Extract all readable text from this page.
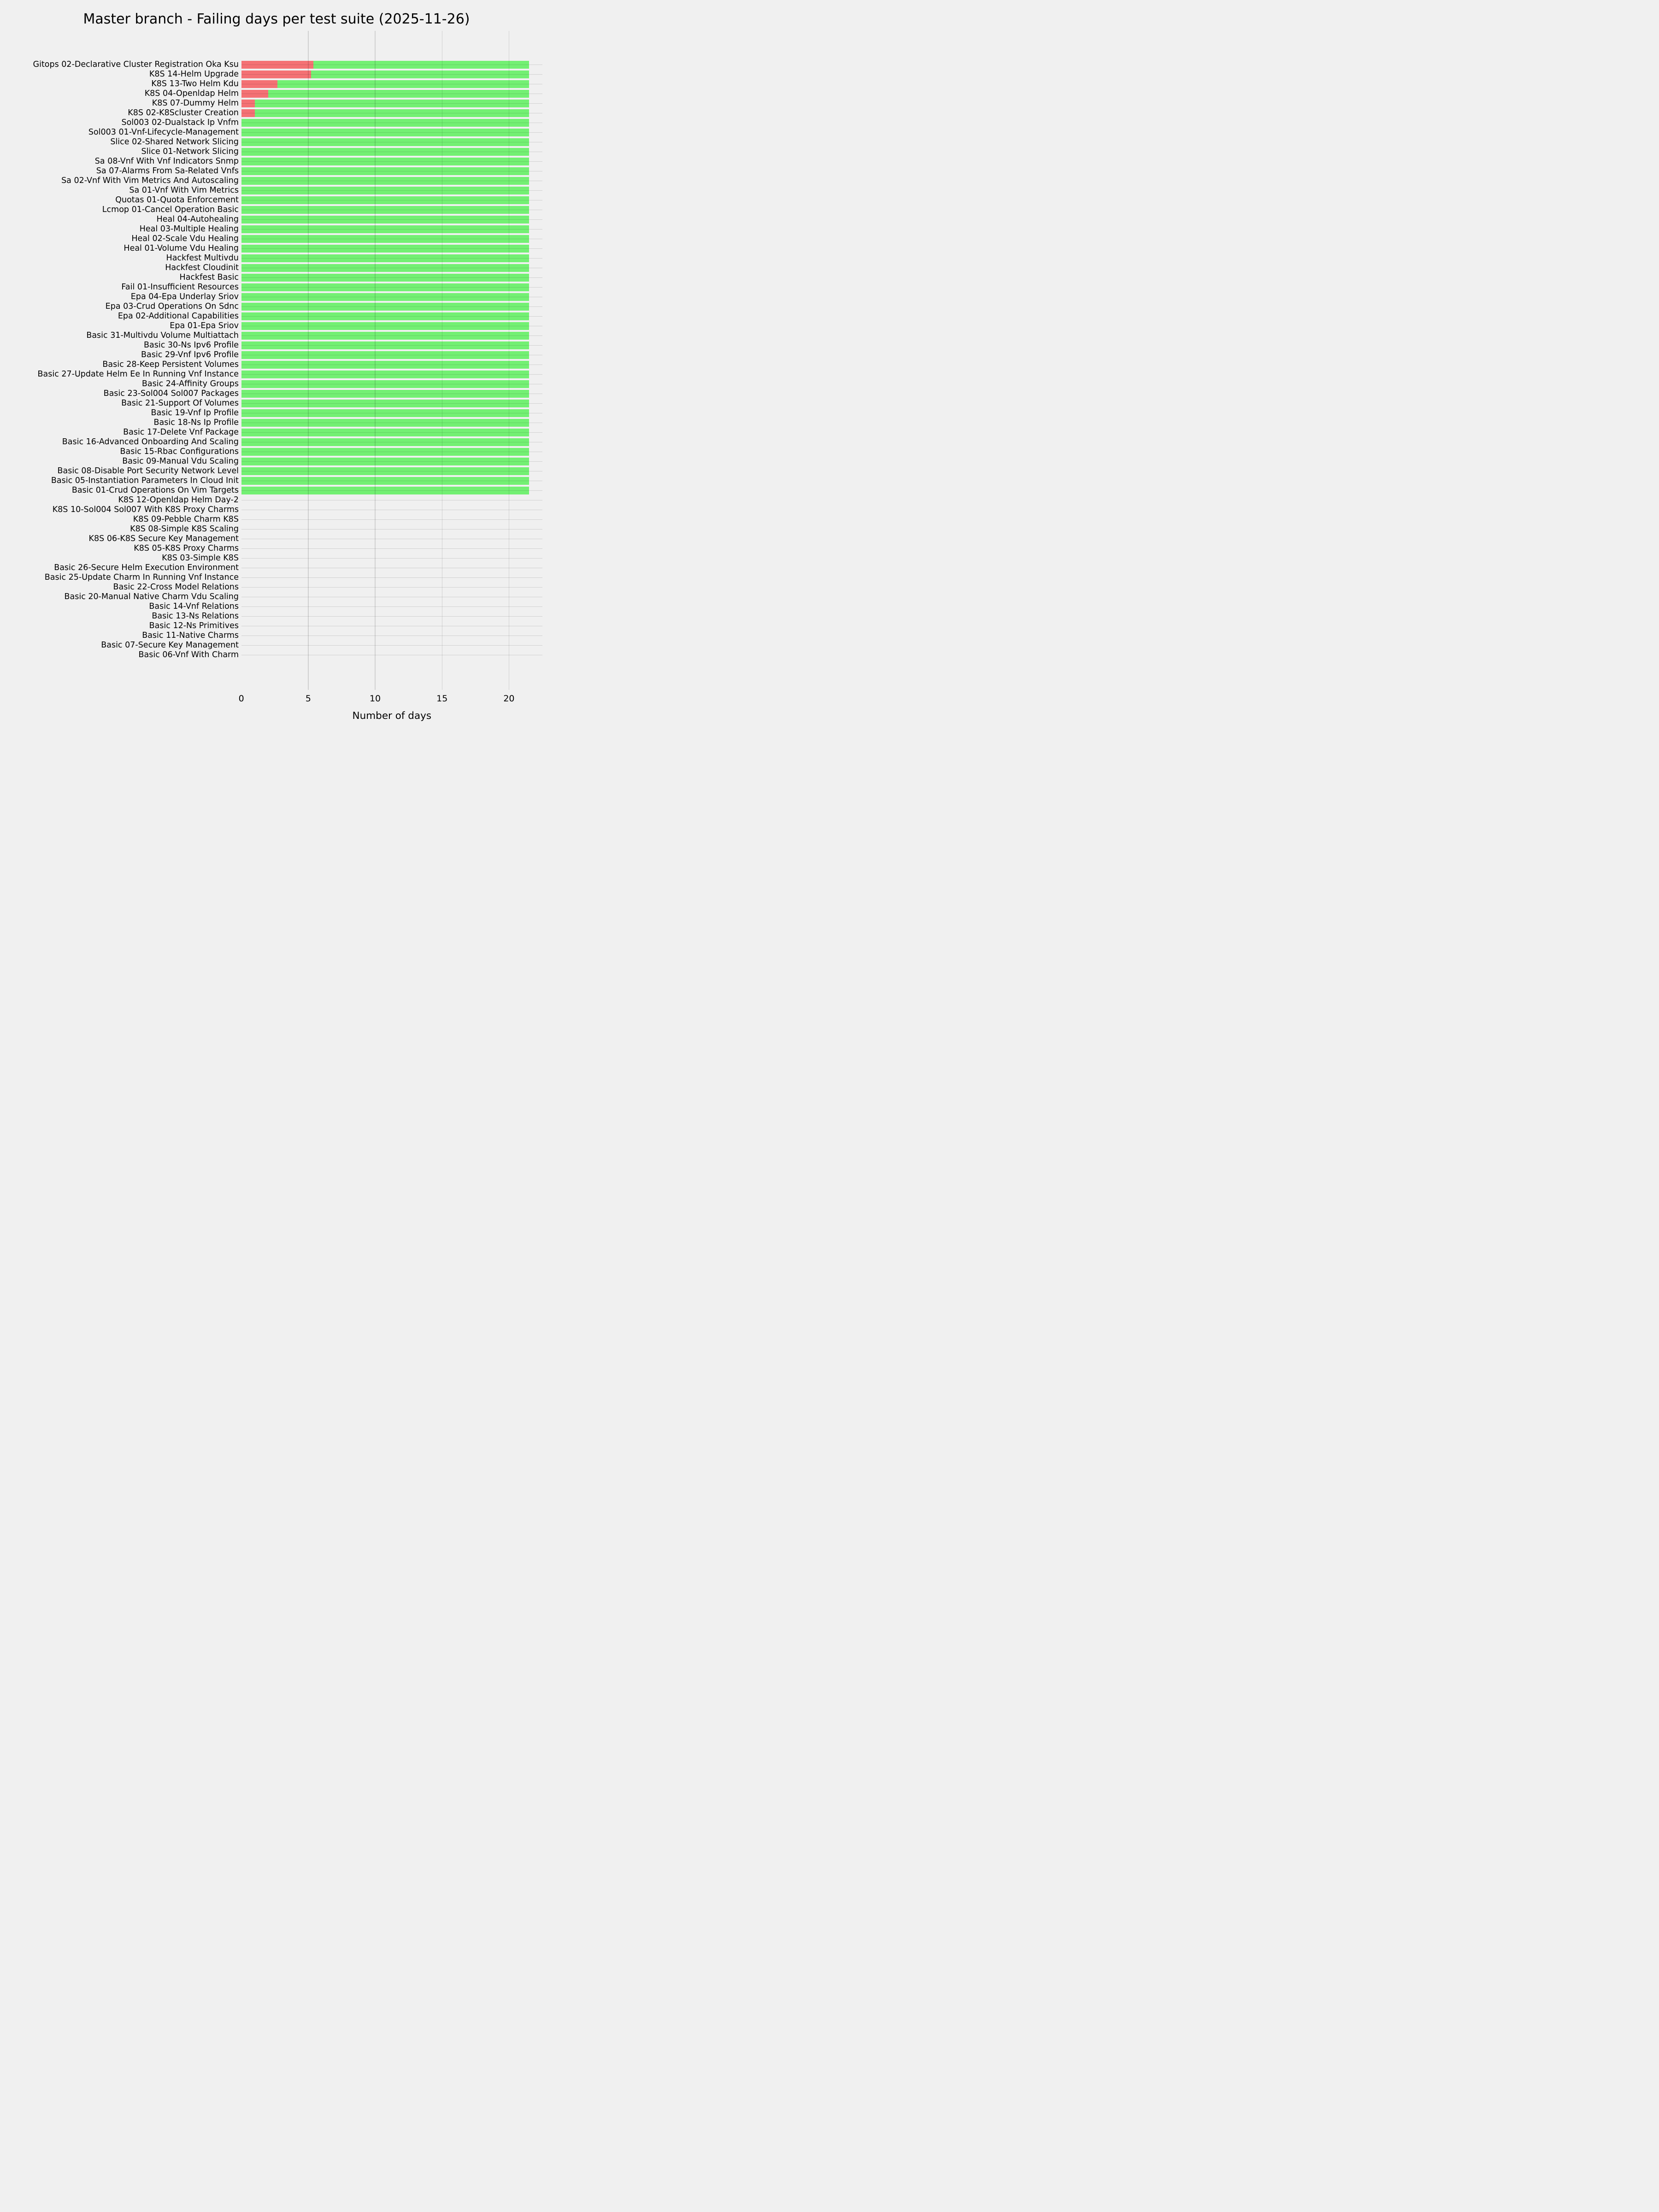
Master branch - Failing days per test suite (2025-11-26)
Gitops 02-Declarative Cluster Registration Oka Ksu
K8S 14-Helm Upgrade
K8S 13-Two Helm Kdu
K8S 04-Openldap Helm
K8S 07-Dummy Helm
K8S 02-K8Scluster Creation
Sol003 02-Dualstack Ip Vnfm
Sol003 01-Vnf-Lifecycle-Management
Slice 02-Shared Network Slicing
Slice 01-Network Slicing
Sa 08-Vnf With Vnf Indicators Snmp
Sa 07-Alarms From Sa-Related Vnfs
Sa 02-Vnf With Vim Metrics And Autoscaling
Sa 01-Vnf With Vim Metrics
Quotas 01-Quota Enforcement
Lcmop 01-Cancel Operation Basic
Heal 04-Autohealing
Heal 03-Multiple Healing
Heal 02-Scale Vdu Healing
Heal 01-Volume Vdu Healing
Hackfest Multivdu
Hackfest Cloudinit
Hackfest Basic
Fail 01-Insufficient Resources
Epa 04-Epa Underlay Sriov
Epa 03-Crud Operations On Sdnc
Epa 02-Additional Capabilities
Epa 01-Epa Sriov
Basic 31-Multivdu Volume Multiattach
Basic 30-Ns Ipv6 Profile
Basic 29-Vnf Ipv6 Profile
Basic 28-Keep Persistent Volumes
Basic 27-Update Helm Ee In Running Vnf Instance
Basic 24-Affinity Groups
Basic 23-Sol004 Sol007 Packages
Basic 21-Support Of Volumes
Basic 19-Vnf Ip Profile
Basic 18-Ns Ip Profile
Basic 17-Delete Vnf Package
Basic 16-Advanced Onboarding And Scaling
Basic 15-Rbac Configurations
Basic 09-Manual Vdu Scaling
Basic 08-Disable Port Security Network Level
Basic 05-Instantiation Parameters In Cloud Init
Basic 01-Crud Operations On Vim Targets
K8S 12-Openldap Helm Day-2
K8S 10-Sol004 Sol007 With K8S Proxy Charms
K8S 09-Pebble Charm K8S
K8S 08-Simple K8S Scaling
K8S 06-K8S Secure Key Management
K8S 05-K8S Proxy Charms
K8S 03-Simple K8S
Basic 26-Secure Helm Execution Environment
Basic 25-Update Charm In Running Vnf Instance
Basic 22-Cross Model Relations
Basic 20-Manual Native Charm Vdu Scaling
Basic 14-Vnf Relations
Basic 13-Ns Relations
Basic 12-Ns Primitives
Basic 11-Native Charms
Basic 07-Secure Key Management
Basic 06-Vnf With Charm
0	5	10	15	20
Number of days
